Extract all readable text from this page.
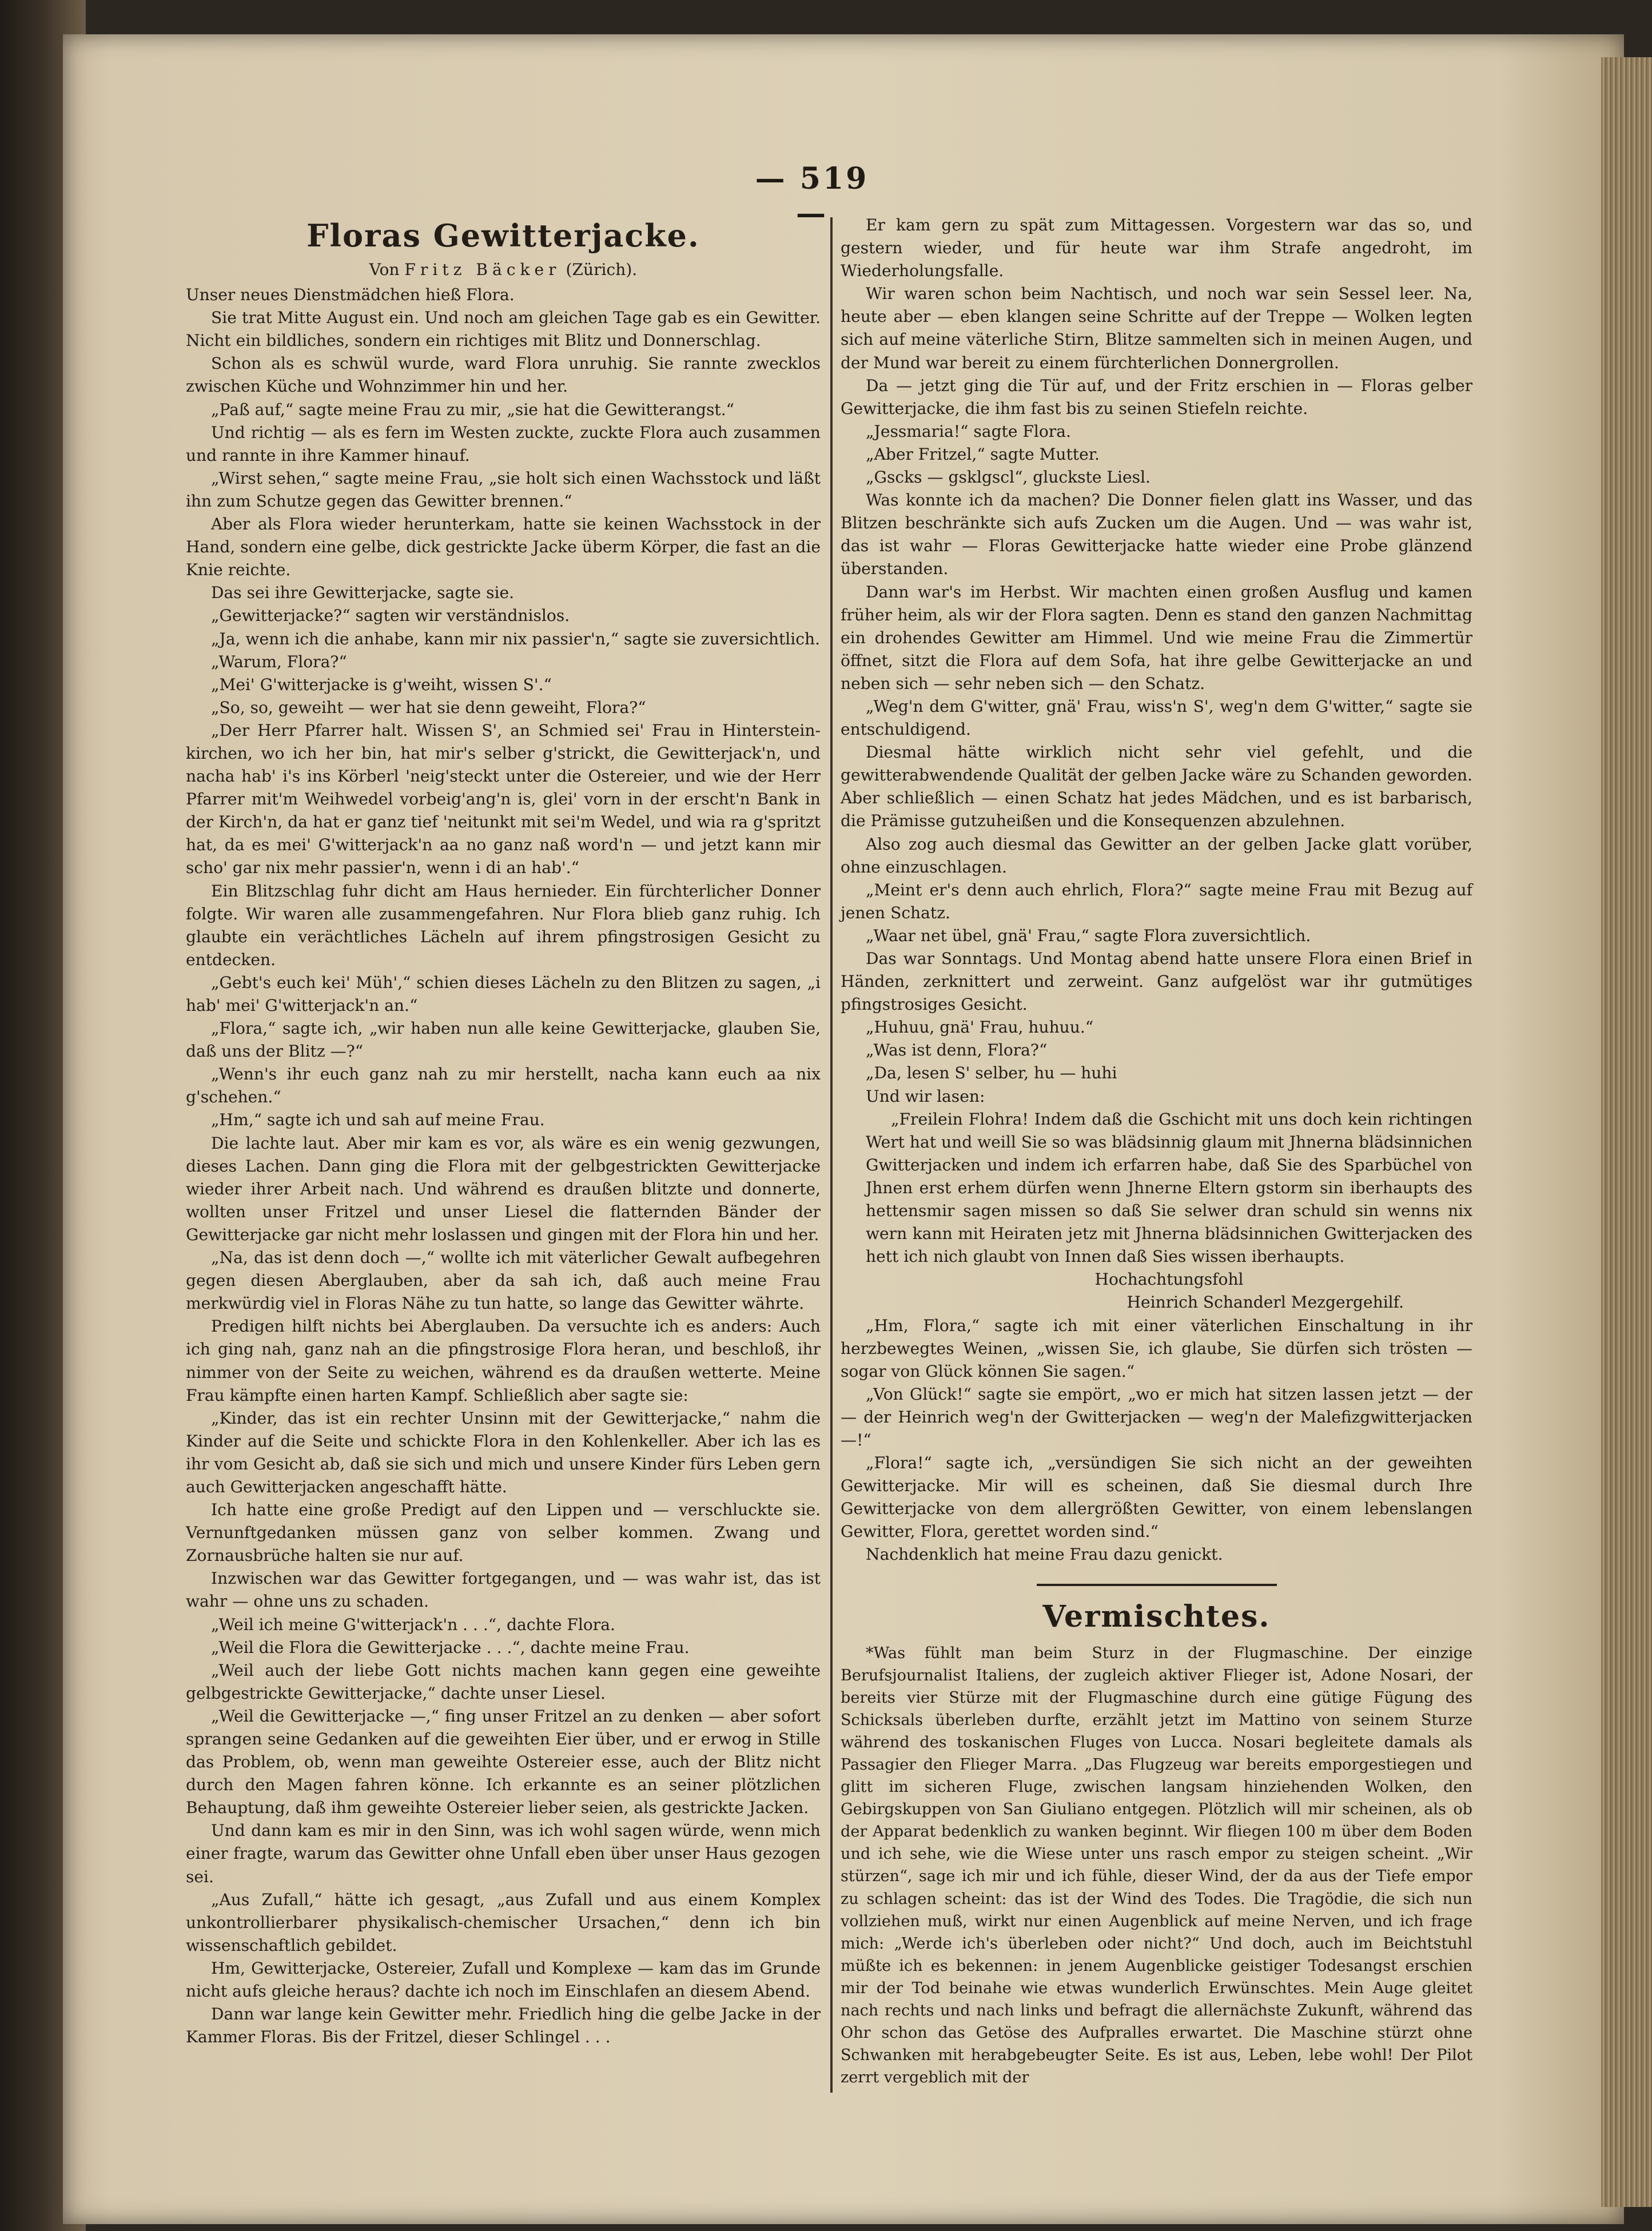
— 519 —
Floras Gewitterjacke.
Von Fritz Bäcker (Zürich).

Unser neues Dienstmädchen hieß Flora.

Sie trat Mitte August ein. Und noch am gleichen Tage gab es ein Gewitter. Nicht ein bildliches, sondern ein richtiges mit Blitz und Donnerschlag.

Schon als es schwül wurde, ward Flora unruhig. Sie rannte zwecklos zwischen Küche und Wohnzimmer hin und her.

„Paß auf,“ sagte meine Frau zu mir, „sie hat die Gewitterangst.“

Und richtig — als es fern im Westen zuckte, zuckte Flora auch zusammen und rannte in ihre Kammer hinauf.

„Wirst sehen,“ sagte meine Frau, „sie holt sich einen Wachsstock und läßt ihn zum Schutze gegen das Gewitter brennen.“

Aber als Flora wieder herunterkam, hatte sie keinen Wachsstock in der Hand, sondern eine gelbe, dick gestrickte Jacke überm Körper, die fast an die Knie reichte.

Das sei ihre Gewitterjacke, sagte sie.

„Gewitterjacke?“ sagten wir verständnislos.

„Ja, wenn ich die anhabe, kann mir nix passier'n,“ sagte sie zuversichtlich.

„Warum, Flora?“

„Mei' G'witterjacke is g'weiht, wissen S'.“

„So, so, geweiht — wer hat sie denn geweiht, Flora?“

„Der Herr Pfarrer halt. Wissen S', an Schmied sei' Frau in Hintersteinkirchen, wo ich her bin, hat mir's selber g'strickt, die Gewitterjack'n, und nacha hab' i's ins Körberl 'neig'steckt unter die Ostereier, und wie der Herr Pfarrer mit'm Weihwedel vorbeig'ang'n is, glei' vorn in der erscht'n Bank in der Kirch'n, da hat er ganz tief 'neitunkt mit sei'm Wedel, und wia ra g'spritzt hat, da es mei' G'witterjack'n aa no ganz naß word'n — und jetzt kann mir scho' gar nix mehr passier'n, wenn i di an hab'.“

Ein Blitzschlag fuhr dicht am Haus hernieder. Ein fürchterlicher Donner folgte. Wir waren alle zusammengefahren. Nur Flora blieb ganz ruhig. Ich glaubte ein verächtliches Lächeln auf ihrem pfingstrosigen Gesicht zu entdecken.

„Gebt's euch kei' Müh',“ schien dieses Lächeln zu den Blitzen zu sagen, „i hab' mei' G'witterjack'n an.“

„Flora,“ sagte ich, „wir haben nun alle keine Gewitterjacke, glauben Sie, daß uns der Blitz —?“

„Wenn's ihr euch ganz nah zu mir herstellt, nacha kann euch aa nix g'schehen.“

„Hm,“ sagte ich und sah auf meine Frau.

Die lachte laut. Aber mir kam es vor, als wäre es ein wenig gezwungen, dieses Lachen. Dann ging die Flora mit der gelbgestrickten Gewitterjacke wieder ihrer Arbeit nach. Und während es draußen blitzte und donnerte, wollten unser Fritzel und unser Liesel die flatternden Bänder der Gewitterjacke gar nicht mehr loslassen und gingen mit der Flora hin und her.

„Na, das ist denn doch —,“ wollte ich mit väterlicher Gewalt aufbegehren gegen diesen Aberglauben, aber da sah ich, daß auch meine Frau merkwürdig viel in Floras Nähe zu tun hatte, so lange das Gewitter währte.

Predigen hilft nichts bei Aberglauben. Da versuchte ich es anders: Auch ich ging nah, ganz nah an die pfingstrosige Flora heran, und beschloß, ihr nimmer von der Seite zu weichen, während es da draußen wetterte. Meine Frau kämpfte einen harten Kampf. Schließlich aber sagte sie:

„Kinder, das ist ein rechter Unsinn mit der Gewitterjacke,“ nahm die Kinder auf die Seite und schickte Flora in den Kohlenkeller. Aber ich las es ihr vom Gesicht ab, daß sie sich und mich und unsere Kinder fürs Leben gern auch Gewitterjacken angeschafft hätte.

Ich hatte eine große Predigt auf den Lippen und — verschluckte sie. Vernunftgedanken müssen ganz von selber kommen. Zwang und Zornausbrüche halten sie nur auf.

Inzwischen war das Gewitter fortgegangen, und — was wahr ist, das ist wahr — ohne uns zu schaden.

„Weil ich meine G'witterjack'n . . .“, dachte Flora.

„Weil die Flora die Gewitterjacke . . .“, dachte meine Frau.

„Weil auch der liebe Gott nichts machen kann gegen eine geweihte gelbgestrickte Gewitterjacke,“ dachte unser Liesel.

„Weil die Gewitterjacke —,“ fing unser Fritzel an zu denken — aber sofort sprangen seine Gedanken auf die geweihten Eier über, und er erwog in Stille das Problem, ob, wenn man geweihte Ostereier esse, auch der Blitz nicht durch den Magen fahren könne. Ich erkannte es an seiner plötzlichen Behauptung, daß ihm geweihte Ostereier lieber seien, als gestrickte Jacken.

Und dann kam es mir in den Sinn, was ich wohl sagen würde, wenn mich einer fragte, warum das Gewitter ohne Unfall eben über unser Haus gezogen sei.

„Aus Zufall,“ hätte ich gesagt, „aus Zufall und aus einem Komplex unkontrollierbarer physikalisch-chemischer Ursachen,“ denn ich bin wissenschaftlich gebildet.

Hm, Gewitterjacke, Ostereier, Zufall und Komplexe — kam das im Grunde nicht aufs gleiche heraus? dachte ich noch im Einschlafen an diesem Abend.

Dann war lange kein Gewitter mehr. Friedlich hing die gelbe Jacke in der Kammer Floras. Bis der Fritzel, dieser Schlingel . . .

Er kam gern zu spät zum Mittagessen. Vorgestern war das so, und gestern wieder, und für heute war ihm Strafe angedroht, im Wiederholungsfalle.

Wir waren schon beim Nachtisch, und noch war sein Sessel leer. Na, heute aber — eben klangen seine Schritte auf der Treppe — Wolken legten sich auf meine väterliche Stirn, Blitze sammelten sich in meinen Augen, und der Mund war bereit zu einem fürchterlichen Donnergrollen.

Da — jetzt ging die Tür auf, und der Fritz erschien in — Floras gelber Gewitterjacke, die ihm fast bis zu seinen Stiefeln reichte.

„Jessmaria!“ sagte Flora.

„Aber Fritzel,“ sagte Mutter.

„Gscks — gsklgscl“, gluckste Liesl.

Was konnte ich da machen? Die Donner fielen glatt ins Wasser, und das Blitzen beschränkte sich aufs Zucken um die Augen. Und — was wahr ist, das ist wahr — Floras Gewitterjacke hatte wieder eine Probe glänzend überstanden.

Dann war's im Herbst. Wir machten einen großen Ausflug und kamen früher heim, als wir der Flora sagten. Denn es stand den ganzen Nachmittag ein drohendes Gewitter am Himmel. Und wie meine Frau die Zimmertür öffnet, sitzt die Flora auf dem Sofa, hat ihre gelbe Gewitterjacke an und neben sich — sehr neben sich — den Schatz.

„Weg'n dem G'witter, gnä' Frau, wiss'n S', weg'n dem G'witter,“ sagte sie entschuldigend.

Diesmal hätte wirklich nicht sehr viel gefehlt, und die gewitterabwendende Qualität der gelben Jacke wäre zu Schanden geworden. Aber schließlich — einen Schatz hat jedes Mädchen, und es ist barbarisch, die Prämisse gutzuheißen und die Konsequenzen abzulehnen.

Also zog auch diesmal das Gewitter an der gelben Jacke glatt vorüber, ohne einzuschlagen.

„Meint er's denn auch ehrlich, Flora?“ sagte meine Frau mit Bezug auf jenen Schatz.

„Waar net übel, gnä' Frau,“ sagte Flora zuversichtlich.

Das war Sonntags. Und Montag abend hatte unsere Flora einen Brief in Händen, zerknittert und zerweint. Ganz aufgelöst war ihr gutmütiges pfingstrosiges Gesicht.

„Huhuu, gnä' Frau, huhuu.“

„Was ist denn, Flora?“

„Da, lesen S' selber, hu — huhi

Und wir lasen:

„Freilein Flohra! Indem daß die Gschicht mit uns doch kein richtingen Wert hat und weill Sie so was blädsinnig glaum mit Jhnerna blädsinnichen Gwitterjacken und indem ich erfarren habe, daß Sie des Sparbüchel von Jhnen erst erhem dürfen wenn Jhnerne Eltern gstorm sin iberhaupts des hettensmir sagen missen so daß Sie selwer dran schuld sin wenns nix wern kann mit Heiraten jetz mit Jhnerna blädsinnichen Gwitterjacken des hett ich nich glaubt von Innen daß Sies wissen iberhaupts.

Hochachtungsfohl

Heinrich Schanderl Mezgergehilf.

„Hm, Flora,“ sagte ich mit einer väterlichen Einschaltung in ihr herzbewegtes Weinen, „wissen Sie, ich glaube, Sie dürfen sich trösten — sogar von Glück können Sie sagen.“

„Von Glück!“ sagte sie empört, „wo er mich hat sitzen lassen jetzt — der — der Heinrich weg'n der Gwitterjacken — weg'n der Malefizgwitterjacken —!“

„Flora!“ sagte ich, „versündigen Sie sich nicht an der geweihten Gewitterjacke. Mir will es scheinen, daß Sie diesmal durch Ihre Gewitterjacke von dem allergrößten Gewitter, von einem lebenslangen Gewitter, Flora, gerettet worden sind.“

Nachdenklich hat meine Frau dazu genickt.

Vermischtes.

*Was fühlt man beim Sturz in der Flugmaschine. Der einzige Berufsjournalist Italiens, der zugleich aktiver Flieger ist, Adone Nosari, der bereits vier Stürze mit der Flugmaschine durch eine gütige Fügung des Schicksals überleben durfte, erzählt jetzt im Mattino von seinem Sturze während des toskanischen Fluges von Lucca. Nosari begleitete damals als Passagier den Flieger Marra. „Das Flugzeug war bereits emporgestiegen und glitt im sicheren Fluge, zwischen langsam hinziehenden Wolken, den Gebirgskuppen von San Giuliano entgegen. Plötzlich will mir scheinen, als ob der Apparat bedenklich zu wanken beginnt. Wir fliegen 100 m über dem Boden und ich sehe, wie die Wiese unter uns rasch empor zu steigen scheint. „Wir stürzen“, sage ich mir und ich fühle, dieser Wind, der da aus der Tiefe empor zu schlagen scheint: das ist der Wind des Todes. Die Tragödie, die sich nun vollziehen muß, wirkt nur einen Augenblick auf meine Nerven, und ich frage mich: „Werde ich's überleben oder nicht?“ Und doch, auch im Beichtstuhl müßte ich es bekennen: in jenem Augenblicke geistiger Todesangst erschien mir der Tod beinahe wie etwas wunderlich Erwünschtes. Mein Auge gleitet nach rechts und nach links und befragt die allernächste Zukunft, während das Ohr schon das Getöse des Aufpralles erwartet. Die Maschine stürzt ohne Schwanken mit herabgebeugter Seite. Es ist aus, Leben, lebe wohl! Der Pilot zerrt vergeblich mit der
